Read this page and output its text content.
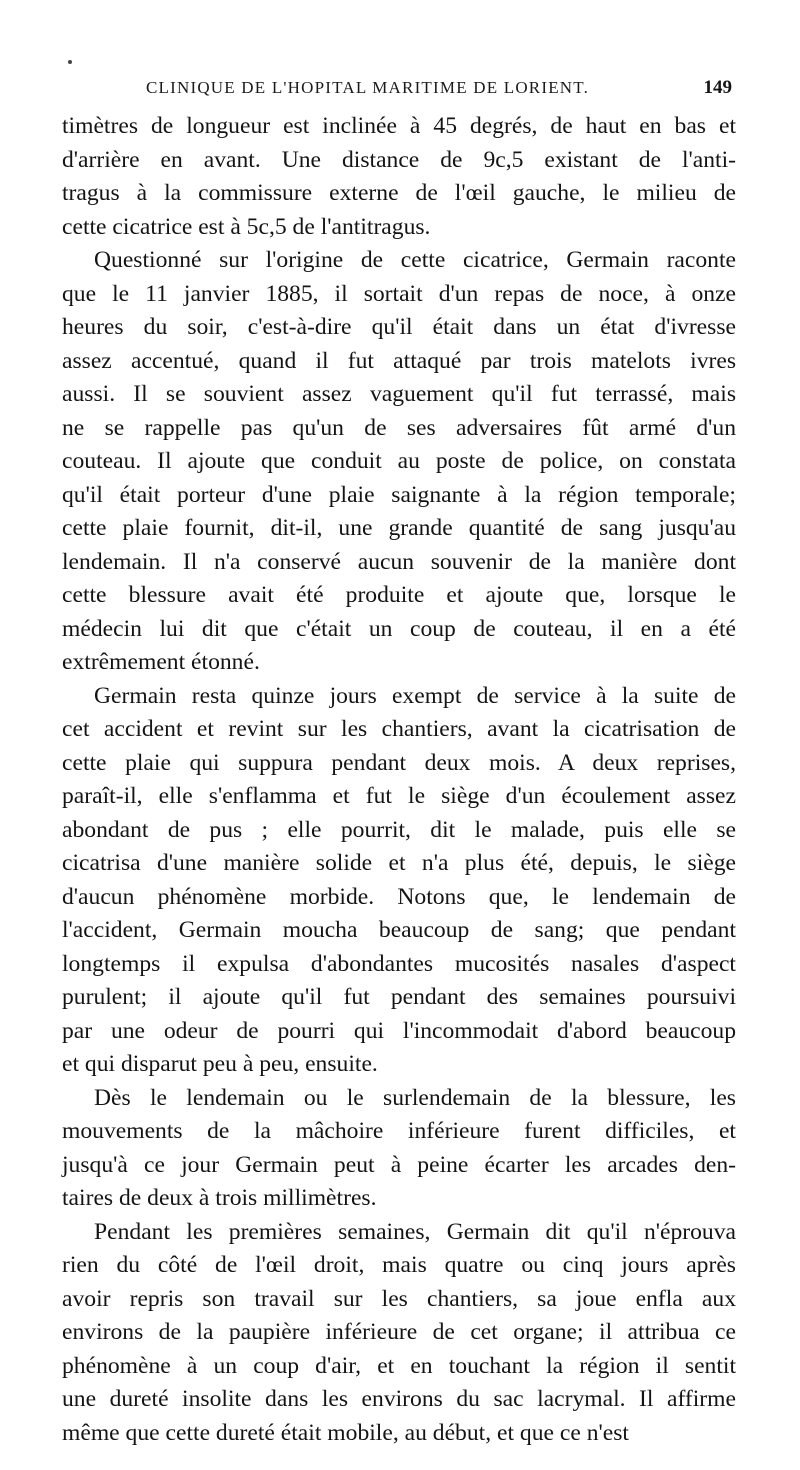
CLINIQUE DE L'HOPITAL MARITIME DE LORIENT.	149
timètres de longueur est inclinée à 45 degrés, de haut en bas et
d'arrière en avant. Une distance de 9c,5 existant de l'anti-
tragus à la commissure externe de l'œil gauche, le milieu de
cette cicatrice est à 5c,5 de l'antitragus.
Questionné sur l'origine de cette cicatrice, Germain raconte
que le 11 janvier 1885, il sortait d'un repas de noce, à onze
heures du soir, c'est-à-dire qu'il était dans un état d'ivresse
assez accentué, quand il fut attaqué par trois matelots ivres
aussi. Il se souvient assez vaguement qu'il fut terrassé, mais
ne se rappelle pas qu'un de ses adversaires fût armé d'un
couteau. Il ajoute que conduit au poste de police, on constata
qu'il était porteur d'une plaie saignante à la région temporale;
cette plaie fournit, dit-il, une grande quantité de sang jusqu'au
lendemain. Il n'a conservé aucun souvenir de la manière dont
cette blessure avait été produite et ajoute que, lorsque le
médecin lui dit que c'était un coup de couteau, il en a été
extrêmement étonné.
Germain resta quinze jours exempt de service à la suite de
cet accident et revint sur les chantiers, avant la cicatrisation de
cette plaie qui suppura pendant deux mois. A deux reprises,
paraît-il, elle s'enflamma et fut le siège d'un écoulement assez
abondant de pus ; elle pourrit, dit le malade, puis elle se
cicatrisa d'une manière solide et n'a plus été, depuis, le siège
d'aucun phénomène morbide. Notons que, le lendemain de
l'accident, Germain moucha beaucoup de sang; que pendant
longtemps il expulsa d'abondantes mucosités nasales d'aspect
purulent; il ajoute qu'il fut pendant des semaines poursuivi
par une odeur de pourri qui l'incommodait d'abord beaucoup
et qui disparut peu à peu, ensuite.
Dès le lendemain ou le surlendemain de la blessure, les
mouvements de la mâchoire inférieure furent difficiles, et
jusqu'à ce jour Germain peut à peine écarter les arcades den-
taires de deux à trois millimètres.
Pendant les premières semaines, Germain dit qu'il n'éprouva
rien du côté de l'œil droit, mais quatre ou cinq jours après
avoir repris son travail sur les chantiers, sa joue enfla aux
environs de la paupière inférieure de cet organe; il attribua ce
phénomène à un coup d'air, et en touchant la région il sentit
une dureté insolite dans les environs du sac lacrymal. Il affirme
même que cette dureté était mobile, au début, et que ce n'est
